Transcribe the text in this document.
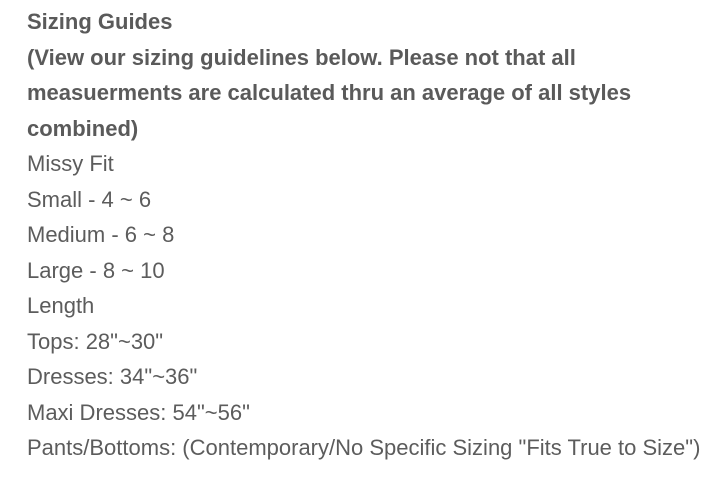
Sizing Guides
(View our sizing guidelines below. Please not that all measuerments are calculated thru an average of all styles combined)
Missy Fit
Small - 4 ~ 6
Medium - 6 ~ 8
Large - 8 ~ 10
Length
Tops: 28"~30"
Dresses: 34"~36"
Maxi Dresses: 54"~56"
Pants/Bottoms: (Contemporary/No Specific Sizing "Fits True to Size")
